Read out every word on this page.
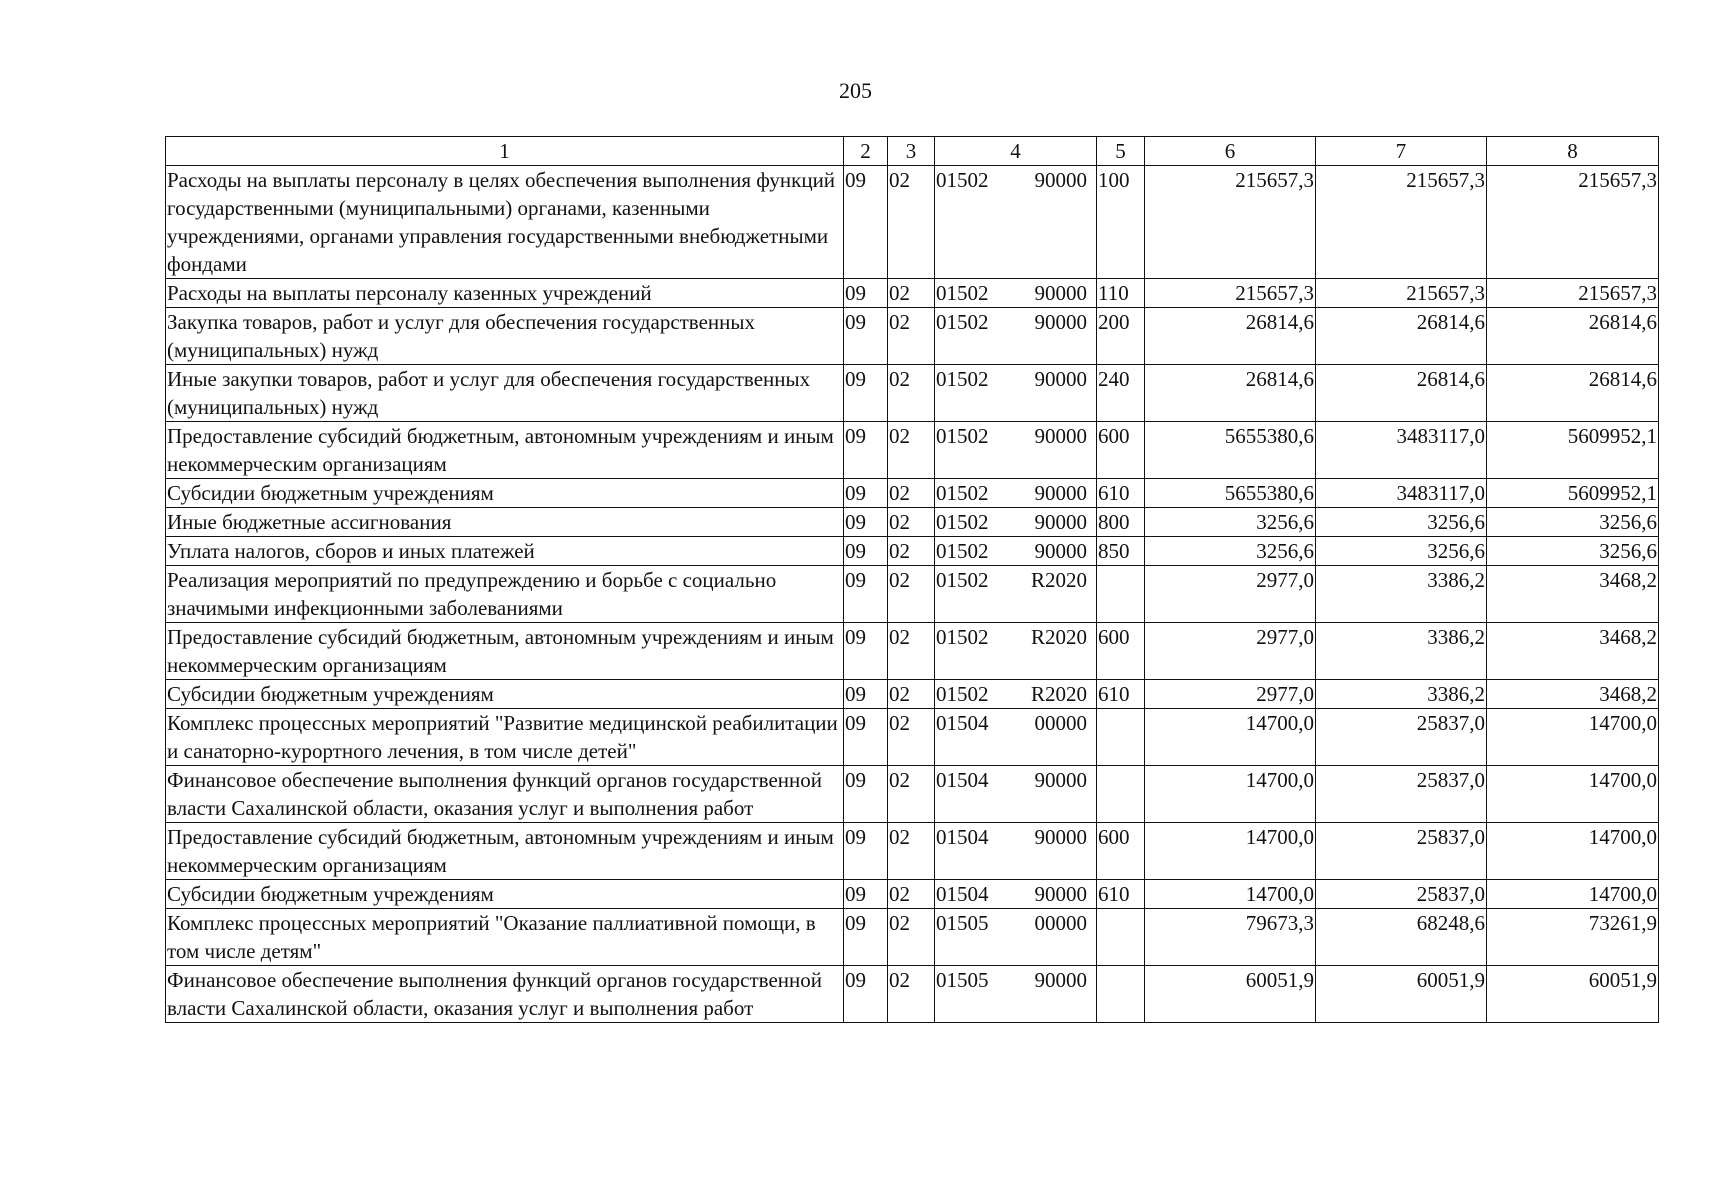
205
1	2	3	4	5	6	7	8
Расходы на выплаты персоналу в целях обеспечения выполнения функций государственными (муниципальными) органами, казенными учреждениями, органами управления государственными внебюджетными фондами	09	02	01502 90000	100	215657,3	215657,3	215657,3
Расходы на выплаты персоналу казенных учреждений	09	02	01502 90000	110	215657,3	215657,3	215657,3
Закупка товаров, работ и услуг для обеспечения государственных (муниципальных) нужд	09	02	01502 90000	200	26814,6	26814,6	26814,6
Иные закупки товаров, работ и услуг для обеспечения государственных (муниципальных) нужд	09	02	01502 90000	240	26814,6	26814,6	26814,6
Предоставление субсидий бюджетным, автономным учреждениям и иным некоммерческим организациям	09	02	01502 90000	600	5655380,6	3483117,0	5609952,1
Субсидии бюджетным учреждениям	09	02	01502 90000	610	5655380,6	3483117,0	5609952,1
Иные бюджетные ассигнования	09	02	01502 90000	800	3256,6	3256,6	3256,6
Уплата налогов, сборов и иных платежей	09	02	01502 90000	850	3256,6	3256,6	3256,6
Реализация мероприятий по предупреждению и борьбе с социально значимыми инфекционными заболеваниями	09	02	01502 R2020		2977,0	3386,2	3468,2
Предоставление субсидий бюджетным, автономным учреждениям и иным некоммерческим организациям	09	02	01502 R2020	600	2977,0	3386,2	3468,2
Субсидии бюджетным учреждениям	09	02	01502 R2020	610	2977,0	3386,2	3468,2
Комплекс процессных мероприятий "Развитие медицинской реабилитации и санаторно-курортного лечения, в том числе детей"	09	02	01504 00000		14700,0	25837,0	14700,0
Финансовое обеспечение выполнения функций органов государственной власти Сахалинской области, оказания услуг и выполнения работ	09	02	01504 90000		14700,0	25837,0	14700,0
Предоставление субсидий бюджетным, автономным учреждениям и иным некоммерческим организациям	09	02	01504 90000	600	14700,0	25837,0	14700,0
Субсидии бюджетным учреждениям	09	02	01504 90000	610	14700,0	25837,0	14700,0
Комплекс процессных мероприятий "Оказание паллиативной помощи, в том числе детям"	09	02	01505 00000		79673,3	68248,6	73261,9
Финансовое обеспечение выполнения функций органов государственной власти Сахалинской области, оказания услуг и выполнения работ	09	02	01505 90000		60051,9	60051,9	60051,9
